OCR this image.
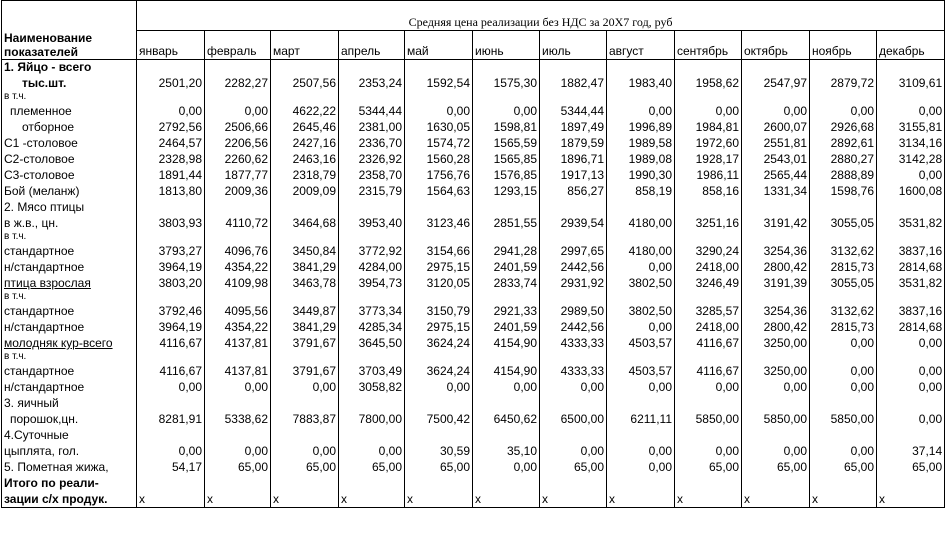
	Средняя цена реализации без НДС за 20Х7 год, руб											

Наименование
показателей	январь	февраль	март	апрель	май	июнь	июль	август	сентябрь	октябрь	ноябрь	декабрь
1. Яйцо - всего												
тыс.шт.	2501,20	2282,27	2507,56	2353,24	1592,54	1575,30	1882,47	1983,40	1958,62	2547,97	2879,72	3109,61
в т.ч.												
племенное	0,00	0,00	4622,22	5344,44	0,00	0,00	5344,44	0,00	0,00	0,00	0,00	0,00
отборное	2792,56	2506,66	2645,46	2381,00	1630,05	1598,81	1897,49	1996,89	1984,81	2600,07	2926,68	3155,81
С1 -столовое	2464,57	2206,56	2427,16	2336,70	1574,72	1565,59	1879,59	1989,58	1972,60	2551,81	2892,61	3134,16
С2-столовое	2328,98	2260,62	2463,16	2326,92	1560,28	1565,85	1896,71	1989,08	1928,17	2543,01	2880,27	3142,28
С3-столовое	1891,44	1877,77	2318,79	2358,70	1756,76	1576,85	1917,13	1990,30	1986,11	2565,44	2888,89	0,00
Бой (меланж)	1813,80	2009,36	2009,09	2315,79	1564,63	1293,15	856,27	858,19	858,16	1331,34	1598,76	1600,08
2. Мясо птицы												
в ж.в., цн.	3803,93	4110,72	3464,68	3953,40	3123,46	2851,55	2939,54	4180,00	3251,16	3191,42	3055,05	3531,82
в т.ч.												
стандартное	3793,27	4096,76	3450,84	3772,92	3154,66	2941,28	2997,65	4180,00	3290,24	3254,36	3132,62	3837,16
н/стандартное	3964,19	4354,22	3841,29	4284,00	2975,15	2401,59	2442,56	0,00	2418,00	2800,42	2815,73	2814,68
птица взрослая	3803,20	4109,98	3463,78	3954,73	3120,05	2833,74	2931,92	3802,50	3246,49	3191,39	3055,05	3531,82
в т.ч.												
стандартное	3792,46	4095,56	3449,87	3773,34	3150,79	2921,33	2989,50	3802,50	3285,57	3254,36	3132,62	3837,16
н/стандартное	3964,19	4354,22	3841,29	4285,34	2975,15	2401,59	2442,56	0,00	2418,00	2800,42	2815,73	2814,68
молодняк кур-всего	4116,67	4137,81	3791,67	3645,50	3624,24	4154,90	4333,33	4503,57	4116,67	3250,00	0,00	0,00
в т.ч.												
стандартное	4116,67	4137,81	3791,67	3703,49	3624,24	4154,90	4333,33	4503,57	4116,67	3250,00	0,00	0,00
н/стандартное	0,00	0,00	0,00	3058,82	0,00	0,00	0,00	0,00	0,00	0,00	0,00	0,00
3. яичный												
порошок,цн.	8281,91	5338,62	7883,87	7800,00	7500,42	6450,62	6500,00	6211,11	5850,00	5850,00	5850,00	0,00
4.Суточные												
цыплята, гол.	0,00	0,00	0,00	0,00	30,59	35,10	0,00	0,00	0,00	0,00	0,00	37,14
5. Пометная жижа,	54,17	65,00	65,00	65,00	65,00	0,00	65,00	0,00	65,00	65,00	65,00	65,00
Итого по реали-												
зации с/х продук.	х	х	х	х	х	х	х	х	х	х	х	х
